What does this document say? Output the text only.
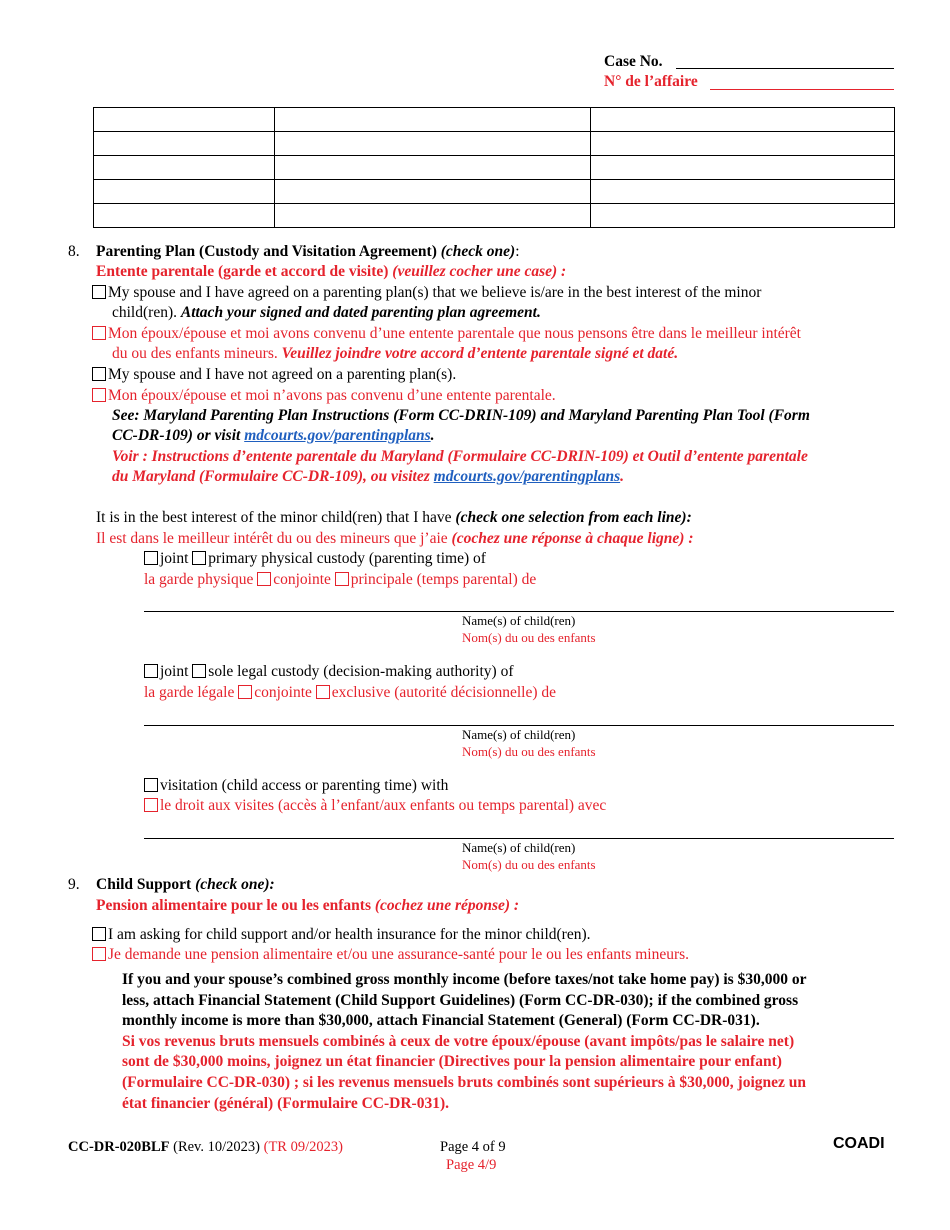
Case No.
N° de l’affaire

8. Parenting Plan (Custody and Visitation Agreement) (check one):
Entente parentale (garde et accord de visite) (veuillez cocher une case) :
My spouse and I have agreed on a parenting plan(s) that we believe is/are in the best interest of the minor
child(ren). Attach your signed and dated parenting plan agreement.
Mon époux/épouse et moi avons convenu d’une entente parentale que nous pensons être dans le meilleur intérêt
du ou des enfants mineurs. Veuillez joindre votre accord d’entente parentale signé et daté.
My spouse and I have not agreed on a parenting plan(s).
Mon époux/épouse et moi n’avons pas convenu d’une entente parentale.
See: Maryland Parenting Plan Instructions (Form CC-DRIN-109) and Maryland Parenting Plan Tool (Form
CC-DR-109) or visit mdcourts.gov/parentingplans.
Voir : Instructions d’entente parentale du Maryland (Formulaire CC-DRIN-109) et Outil d’entente parentale
du Maryland (Formulaire CC-DR-109), ou visitez mdcourts.gov/parentingplans.
It is in the best interest of the minor child(ren) that I have (check one selection from each line):
Il est dans le meilleur intérêt du ou des mineurs que j’aie (cochez une réponse à chaque ligne) :
joint primary physical custody (parenting time) of
la garde physique conjointe principale (temps parental) de
Name(s) of child(ren)
Nom(s) du ou des enfants
joint sole legal custody (decision-making authority) of
la garde légale conjointe exclusive (autorité décisionnelle) de
Name(s) of child(ren)
Nom(s) du ou des enfants
visitation (child access or parenting time) with
le droit aux visites (accès à l’enfant/aux enfants ou temps parental) avec
Name(s) of child(ren)
Nom(s) du ou des enfants
9. Child Support (check one):
Pension alimentaire pour le ou les enfants (cochez une réponse) :
I am asking for child support and/or health insurance for the minor child(ren).
Je demande une pension alimentaire et/ou une assurance-santé pour le ou les enfants mineurs.
If you and your spouse’s combined gross monthly income (before taxes/not take home pay) is $30,000 or
less, attach Financial Statement (Child Support Guidelines) (Form CC-DR-030); if the combined gross
monthly income is more than $30,000, attach Financial Statement (General) (Form CC-DR-031).
Si vos revenus bruts mensuels combinés à ceux de votre époux/épouse (avant impôts/pas le salaire net)
sont de $30,000 moins, joignez un état financier (Directives pour la pension alimentaire pour enfant)
(Formulaire CC-DR-030) ; si les revenus mensuels bruts combinés sont supérieurs à $30,000, joignez un
état financier (général) (Formulaire CC-DR-031).
CC-DR-020BLF (Rev. 10/2023) (TR 09/2023)	Page 4 of 9
Page 4/9
COADI
